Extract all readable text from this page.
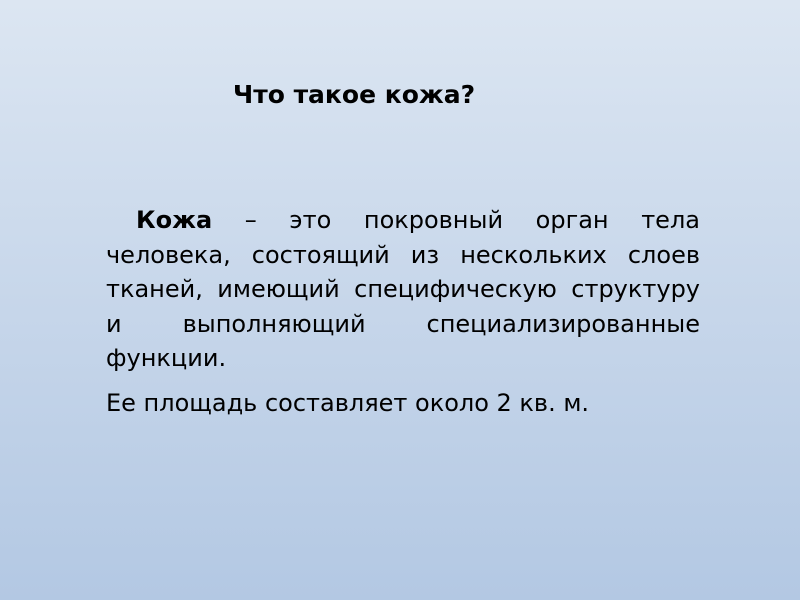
Что такое кожа?

Кожа – это покровный орган тела человека, состоящий из нескольких слоев тканей, имеющий специфическую структуру и выполняющий специализированные функции.

Ее площадь составляет около 2 кв. м.
